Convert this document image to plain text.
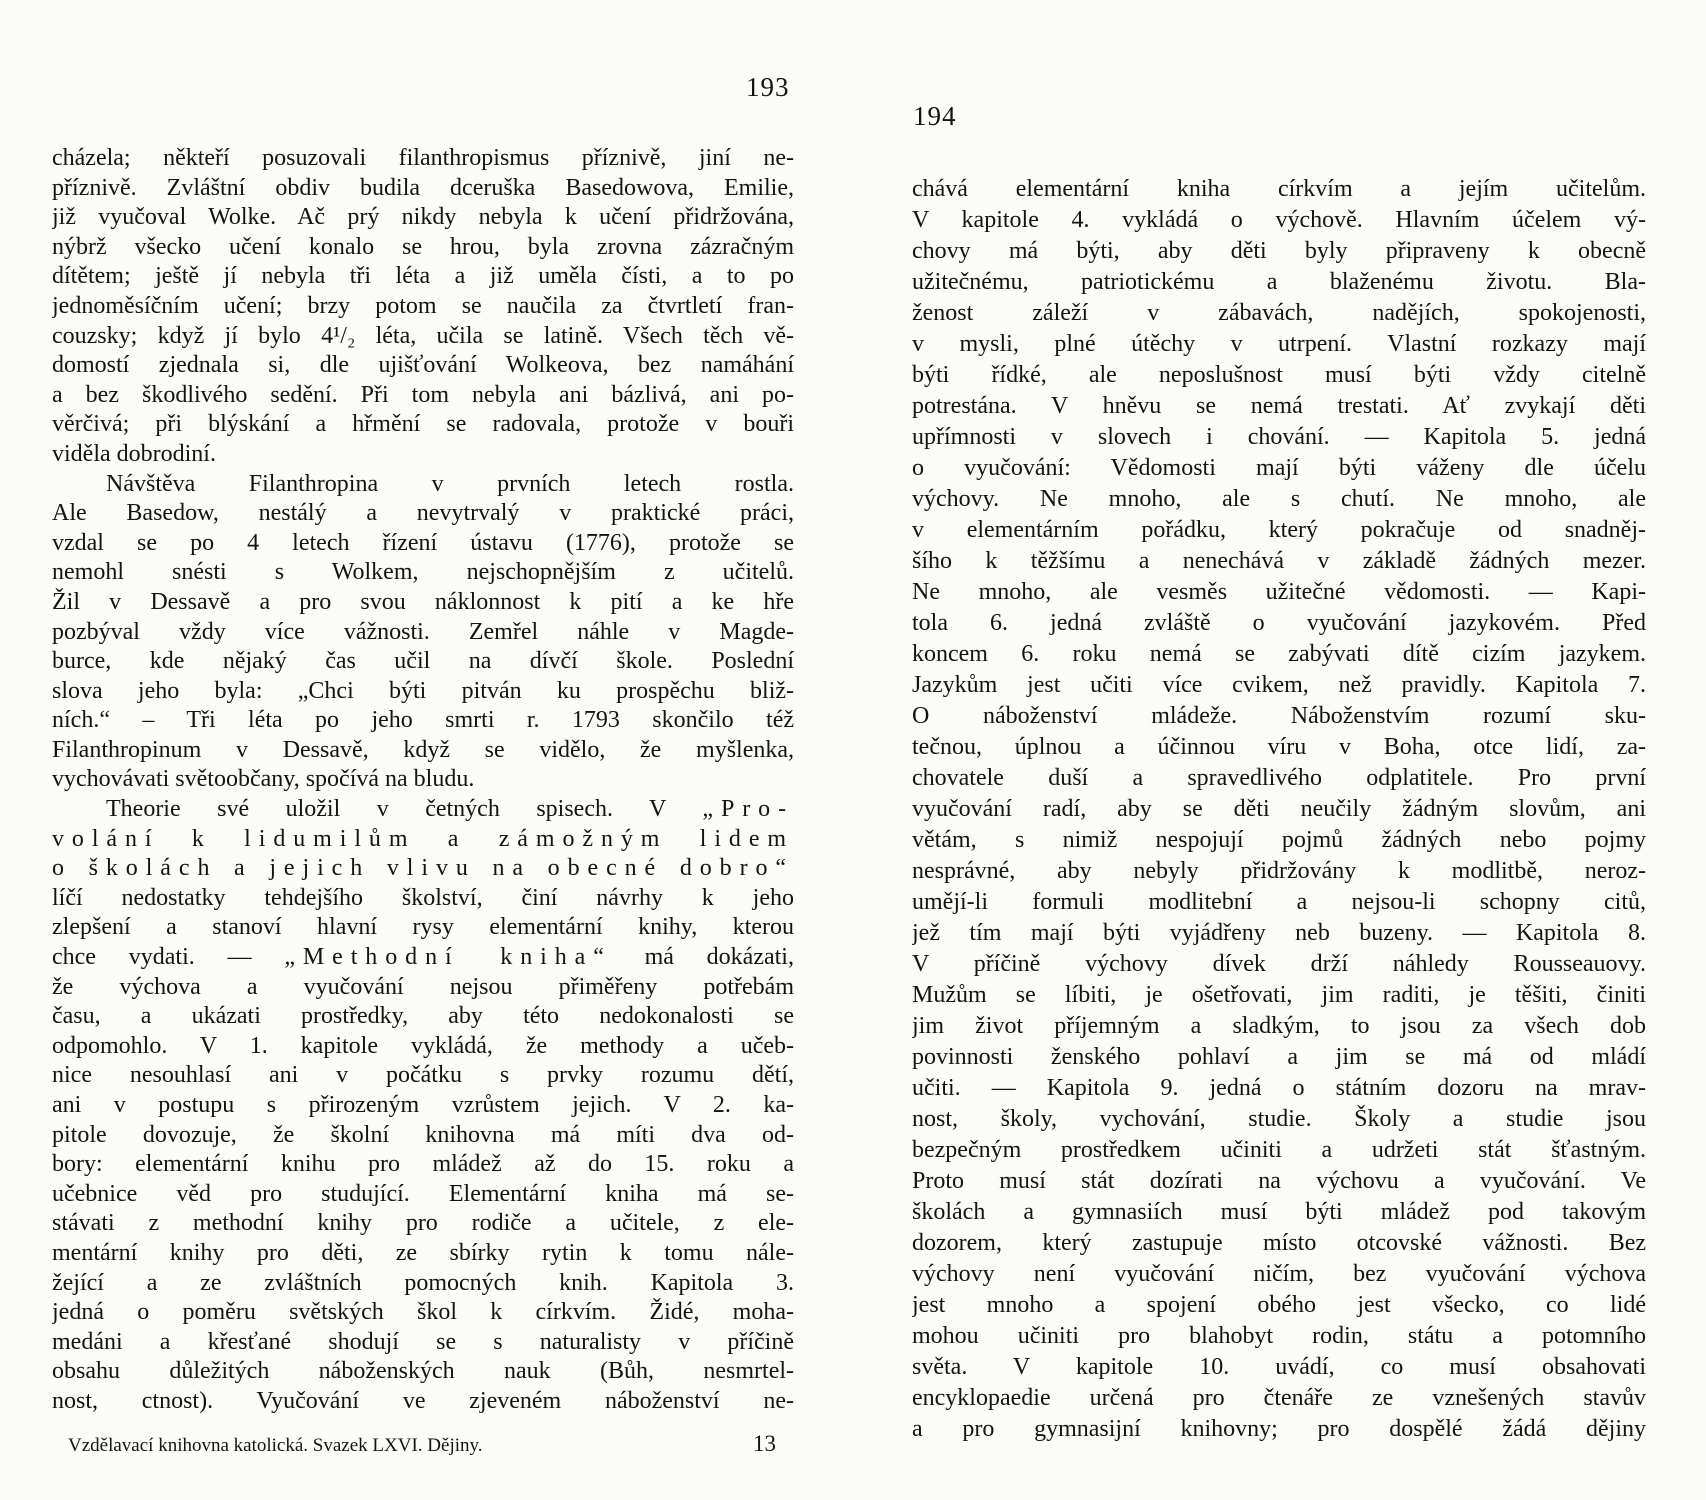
193
194
cházela; někteří posuzovali filanthropismus příznivě, jiní ne-
příznivě. Zvláštní obdiv budila dceruška Basedowova, Emilie,
již vyučoval Wolke. Ač prý nikdy nebyla k učení přidržována,
nýbrž všecko učení konalo se hrou, byla zrovna zázračným
dítětem; ještě jí nebyla tři léta a již uměla čísti, a to po
jednoměsíčním učení; brzy potom se naučila za čtvrtletí fran-
couzsky; když jí bylo 4¹/₂ léta, učila se latině. Všech těch vě-
domostí zjednala si, dle ujišťování Wolkeova, bez namáhání
a bez škodlivého sedění. Při tom nebyla ani bázlivá, ani po-
věrčivá; při blýskání a hřmění se radovala, protože v bouři
viděla dobrodiní.
Návštěva Filanthropina v prvních letech rostla.
Ale Basedow, nestálý a nevytrvalý v praktické práci,
vzdal se po 4 letech řízení ústavu (1776), protože se
nemohl snésti s Wolkem, nejschopnějším z učitelů.
Žil v Dessavě a pro svou náklonnost k pití a ke hře
pozbýval vždy více vážnosti. Zemřel náhle v Magde-
burce, kde nějaký čas učil na dívčí škole. Poslední
slova jeho byla: „Chci býti pitván ku prospěchu bliž-
ních.“ – Tři léta po jeho smrti r. 1793 skončilo též
Filanthropinum v Dessavě, když se vidělo, že myšlenka,
vychovávati světoobčany, spočívá na bludu.
Theorie své uložil v četných spisech. V „Pro-
volání k lidumilům a zámožným lidem
o školách a jejich vlivu na obecné dobro“
líčí nedostatky tehdejšího školství, činí návrhy k jeho
zlepšení a stanoví hlavní rysy elementární knihy, kterou
chce vydati. — „Methodní kniha“ má dokázati,
že výchova a vyučování nejsou přiměřeny potřebám
času, a ukázati prostředky, aby této nedokonalosti se
odpomohlo. V 1. kapitole vykládá, že methody a učeb-
nice nesouhlasí ani v počátku s prvky rozumu dětí,
ani v postupu s přirozeným vzrůstem jejich. V 2. ka-
pitole dovozuje, že školní knihovna má míti dva od-
bory: elementární knihu pro mládež až do 15. roku a
učebnice věd pro studující. Elementární kniha má se-
stávati z methodní knihy pro rodiče a učitele, z ele-
mentární knihy pro děti, ze sbírky rytin k tomu nále-
žející a ze zvláštních pomocných knih. Kapitola 3.
jedná o poměru světských škol k církvím. Židé, moha-
medáni a křesťané shodují se s naturalisty v příčině
obsahu důležitých náboženských nauk (Bůh, nesmrtel-
nost, ctnost). Vyučování ve zjeveném náboženství ne-
chává elementární kniha církvím a jejím učitelům.
V kapitole 4. vykládá o výchově. Hlavním účelem vý-
chovy má býti, aby děti byly připraveny k obecně
užitečnému, patriotickému a blaženému životu. Bla-
ženost záleží v zábavách, nadějích, spokojenosti,
v mysli, plné útěchy v utrpení. Vlastní rozkazy mají
býti řídké, ale neposlušnost musí býti vždy citelně
potrestána. V hněvu se nemá trestati. Ať zvykají děti
upřímnosti v slovech i chování. — Kapitola 5. jedná
o vyučování: Vědomosti mají býti váženy dle účelu
výchovy. Ne mnoho, ale s chutí. Ne mnoho, ale
v elementárním pořádku, který pokračuje od snadněj-
šího k těžšímu a nenechává v základě žádných mezer.
Ne mnoho, ale vesměs užitečné vědomosti. — Kapi-
tola 6. jedná zvláště o vyučování jazykovém. Před
koncem 6. roku nemá se zabývati dítě cizím jazykem.
Jazykům jest učiti více cvikem, než pravidly. Kapitola 7.
O náboženství mládeže. Náboženstvím rozumí sku-
tečnou, úplnou a účinnou víru v Boha, otce lidí, za-
chovatele duší a spravedlivého odplatitele. Pro první
vyučování radí, aby se děti neučily žádným slovům, ani
větám, s nimiž nespojují pojmů žádných nebo pojmy
nesprávné, aby nebyly přidržovány k modlitbě, neroz-
umějí-li formuli modlitební a nejsou-li schopny citů,
jež tím mají býti vyjádřeny neb buzeny. — Kapitola 8.
V příčině výchovy dívek drží náhledy Rousseauovy.
Mužům se líbiti, je ošetřovati, jim raditi, je těšiti, činiti
jim život příjemným a sladkým, to jsou za všech dob
povinnosti ženského pohlaví a jim se má od mládí
učiti. — Kapitola 9. jedná o státním dozoru na mrav-
nost, školy, vychování, studie. Školy a studie jsou
bezpečným prostředkem učiniti a udržeti stát šťastným.
Proto musí stát dozírati na výchovu a vyučování. Ve
školách a gymnasiích musí býti mládež pod takovým
dozorem, který zastupuje místo otcovské vážnosti. Bez
výchovy není vyučování ničím, bez vyučování výchova
jest mnoho a spojení obého jest všecko, co lidé
mohou učiniti pro blahobyt rodin, státu a potomního
světa. V kapitole 10. uvádí, co musí obsahovati
encyklopaedie určená pro čtenáře ze vznešených stavův
a pro gymnasijní knihovny; pro dospělé žádá dějiny
Vzdělavací knihovna katolická. Svazek LXVI. Dějiny.	13
